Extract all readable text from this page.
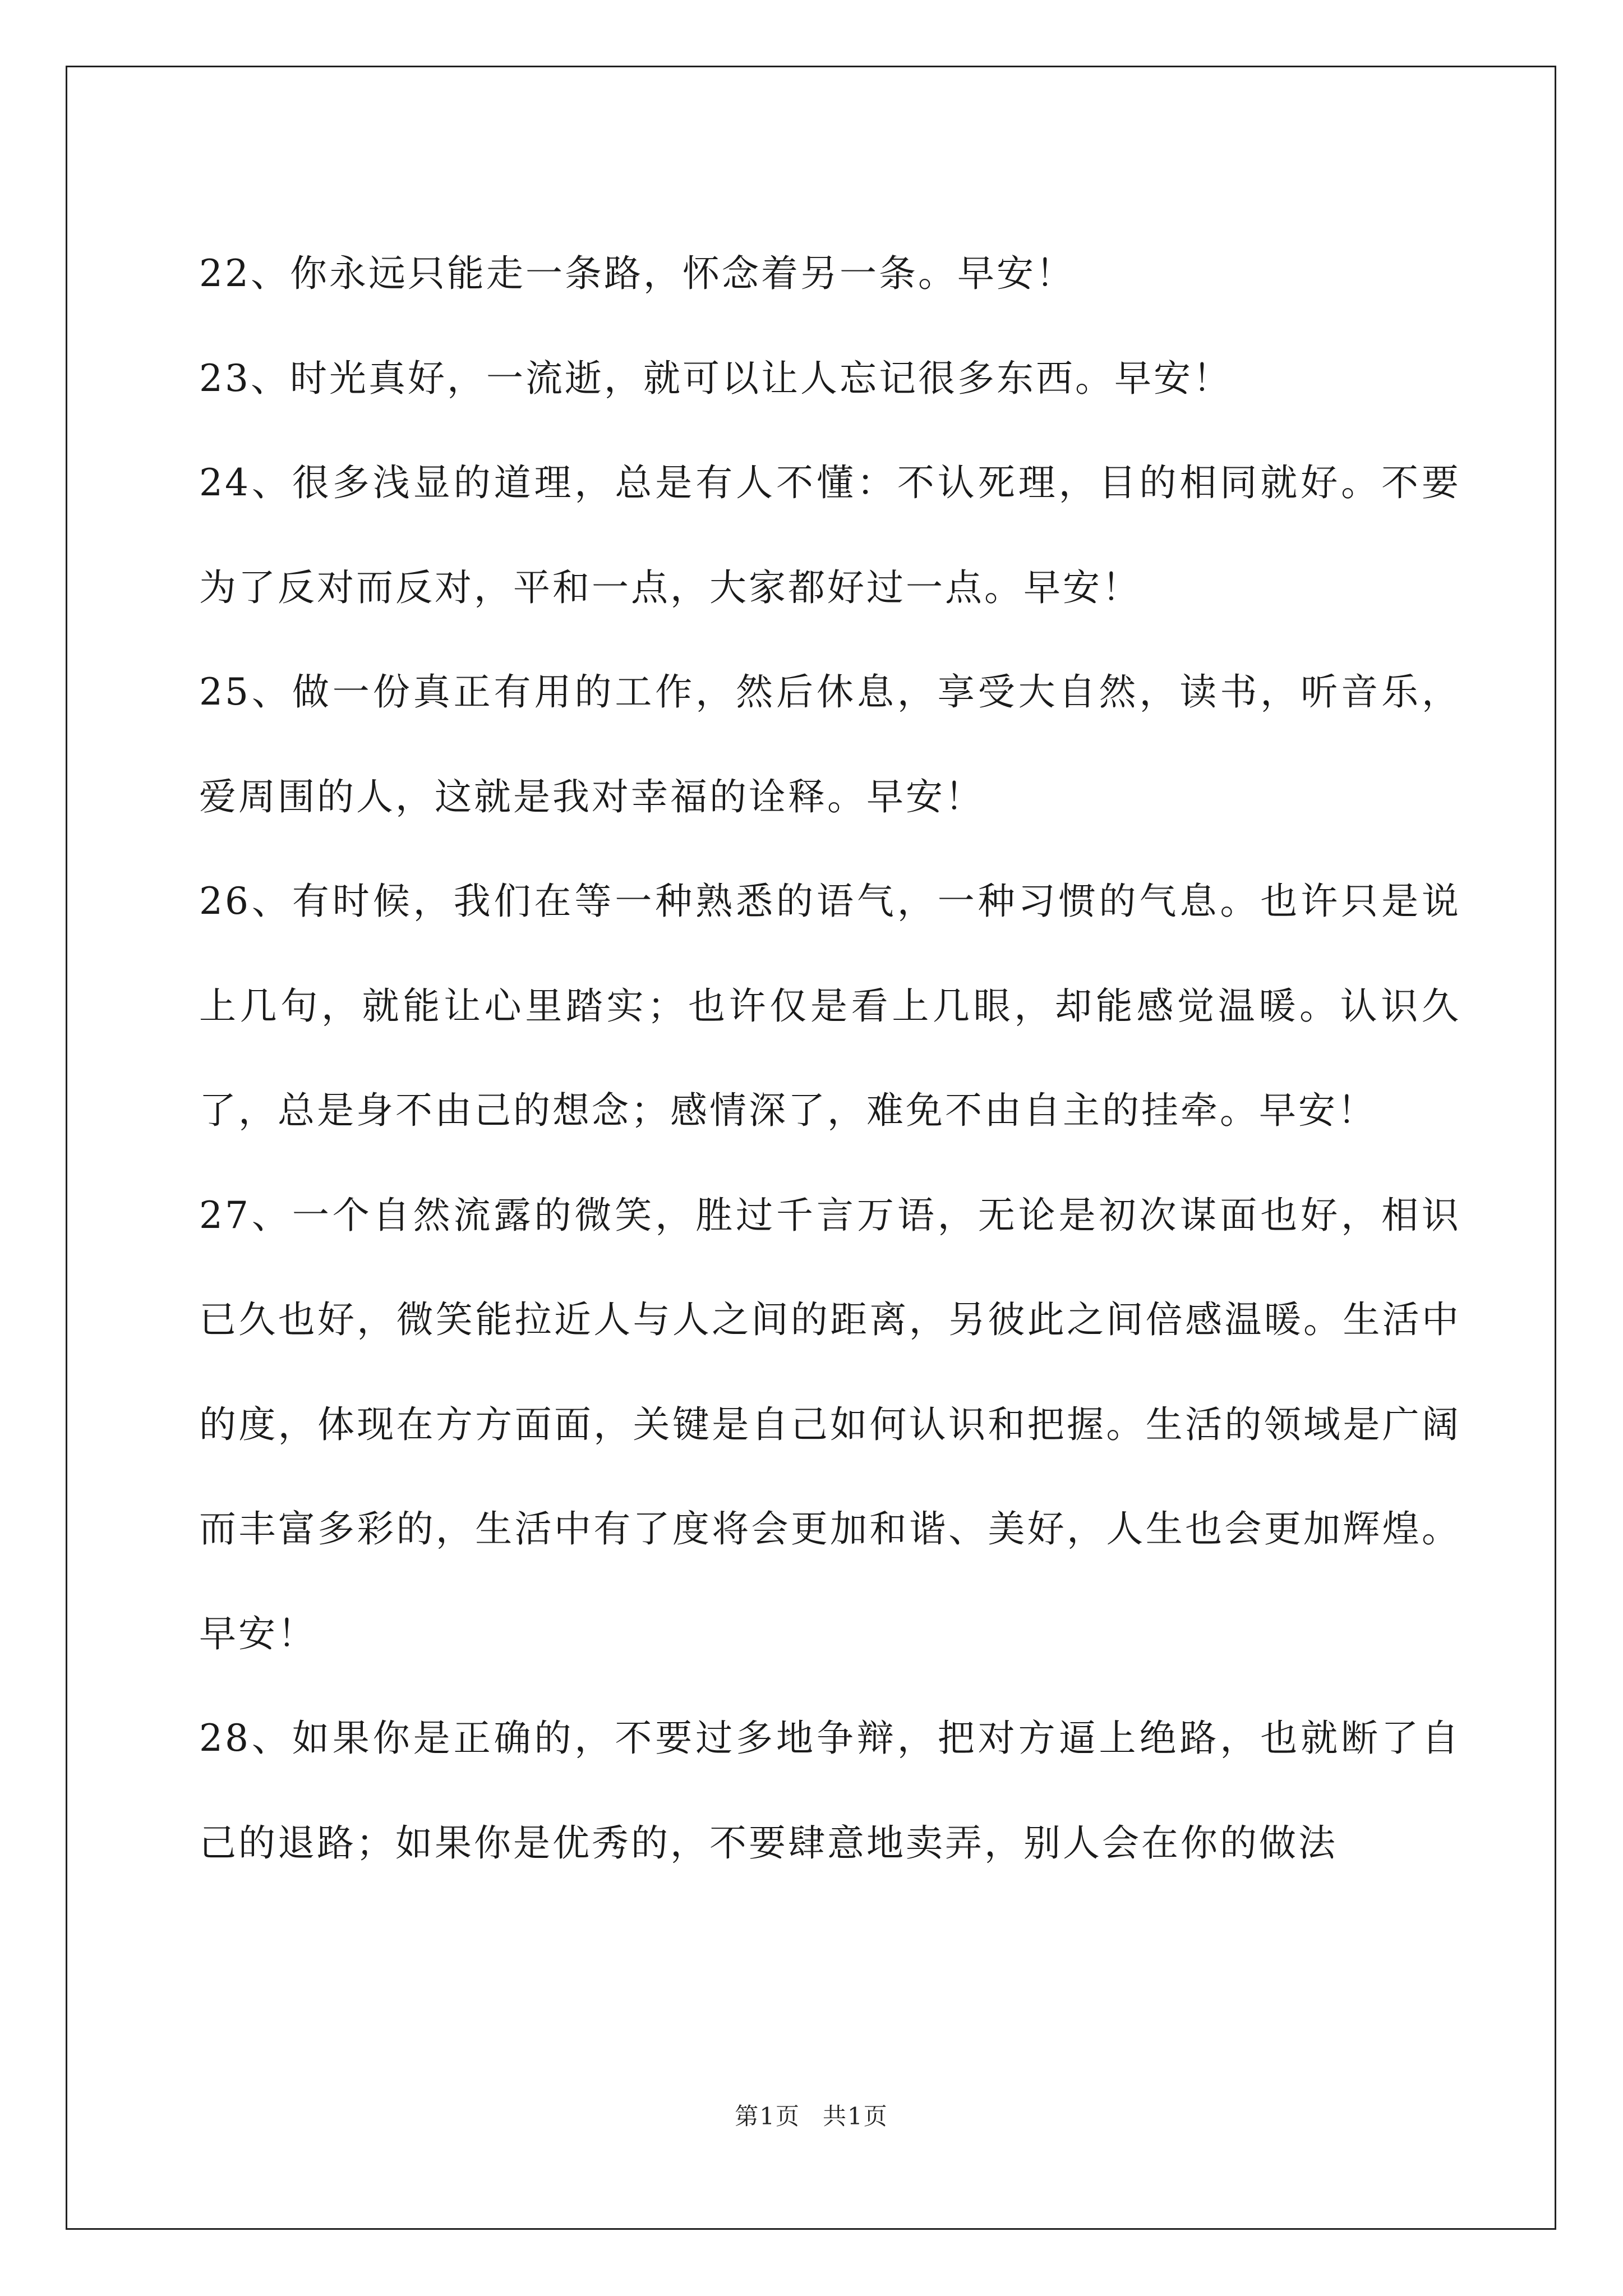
22、你永远只能走一条路，怀念着另一条。早安！

23、时光真好，一流逝，就可以让人忘记很多东西。早安！

24、很多浅显的道理，总是有人不懂：不认死理，目的相同就好。不要为了反对而反对，平和一点，大家都好过一点。早安！

25、做一份真正有用的工作，然后休息，享受大自然，读书，听音乐，爱周围的人，这就是我对幸福的诠释。早安！

26、有时候，我们在等一种熟悉的语气，一种习惯的气息。也许只是说上几句，就能让心里踏实；也许仅是看上几眼，却能感觉温暖。认识久了，总是身不由己的想念；感情深了，难免不由自主的挂牵。早安！

27、一个自然流露的微笑，胜过千言万语，无论是初次谋面也好，相识已久也好，微笑能拉近人与人之间的距离，另彼此之间倍感温暖。生活中的度，体现在方方面面，关键是自己如何认识和把握。生活的领域是广阔而丰富多彩的，生活中有了度将会更加和谐、美好，人生也会更加辉煌。早安！

28、如果你是正确的，不要过多地争辩，把对方逼上绝路，也就断了自己的退路；如果你是优秀的，不要肆意地卖弄，别人会在你的做法

第1页 共1页
